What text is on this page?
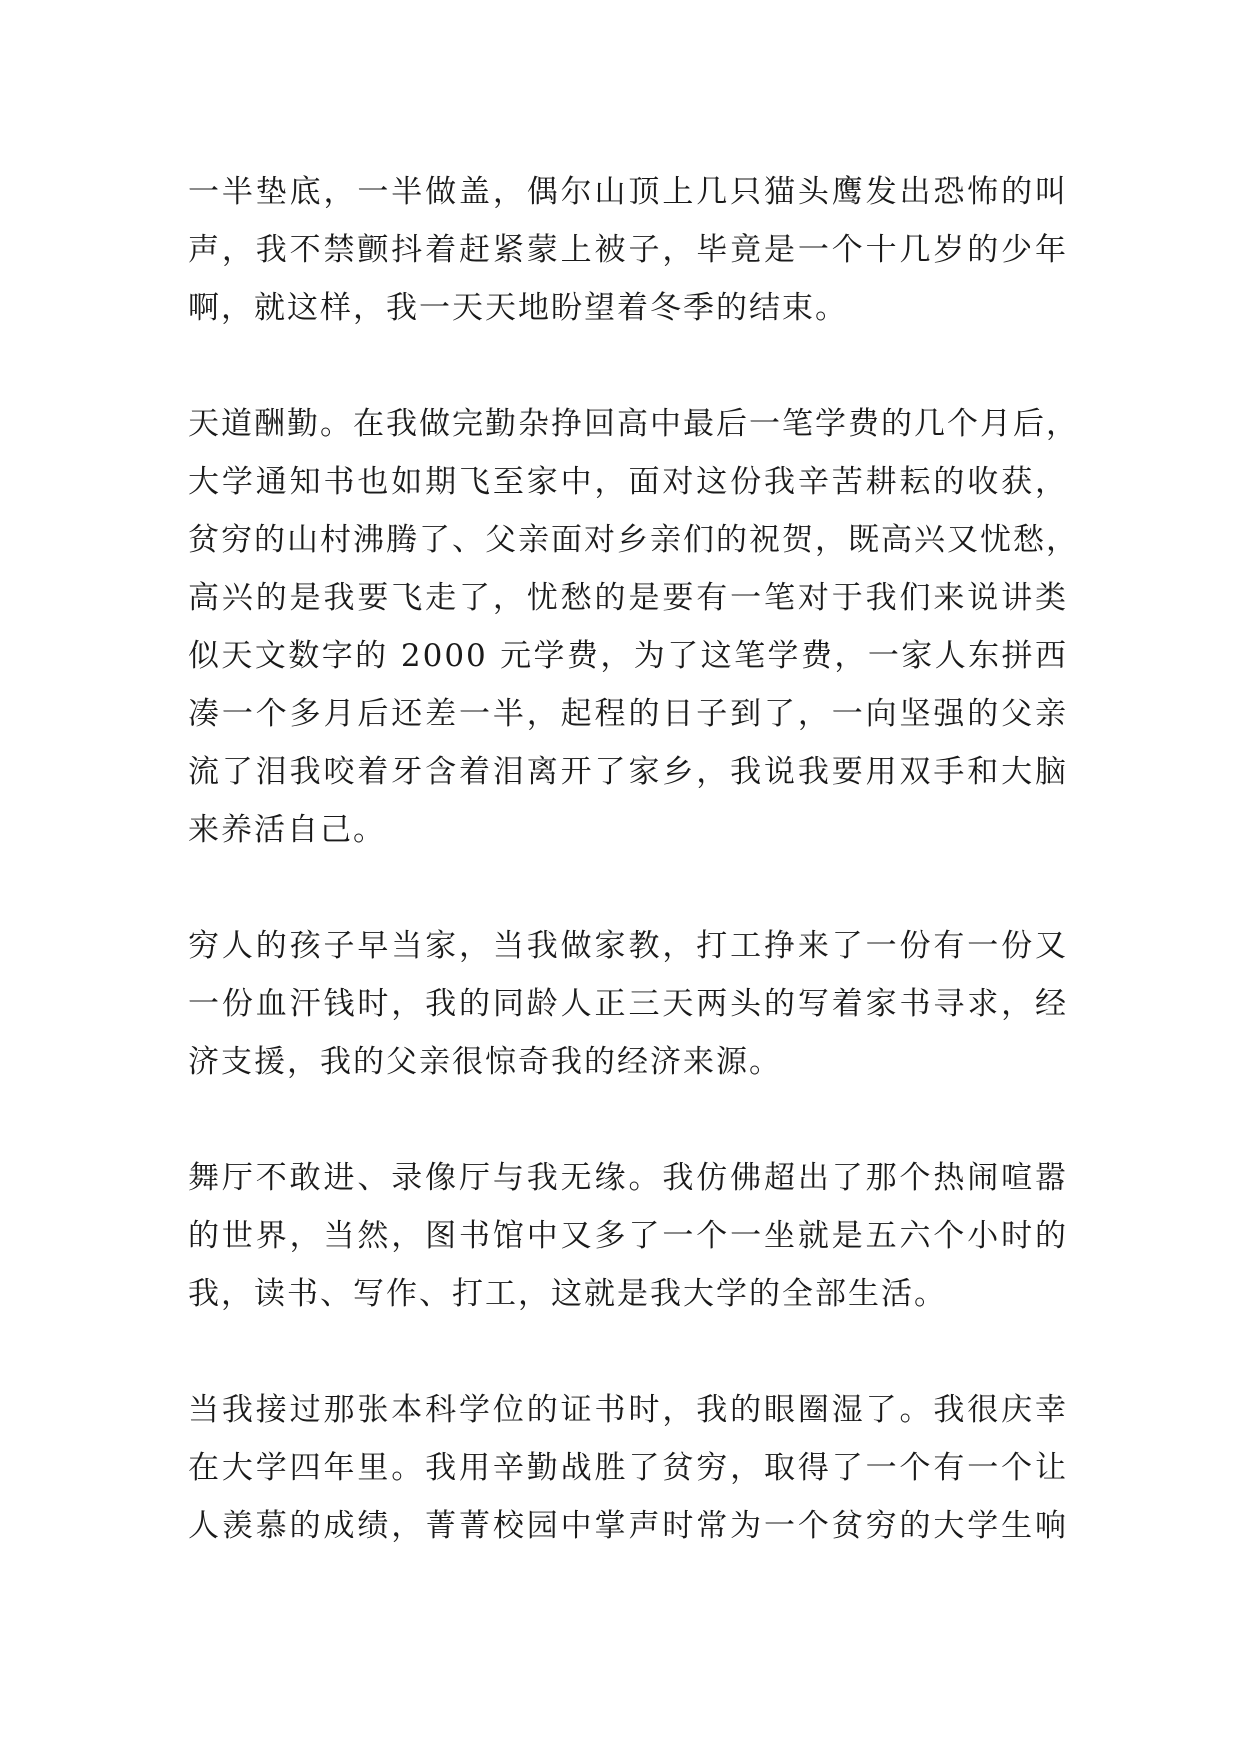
一半垫底，一半做盖，偶尔山顶上几只猫头鹰发出恐怖的叫
声，我不禁颤抖着赶紧蒙上被子，毕竟是一个十几岁的少年
啊，就这样，我一天天地盼望着冬季的结束。
天道酬勤。在我做完勤杂挣回高中最后一笔学费的几个月后，
大学通知书也如期飞至家中，面对这份我辛苦耕耘的收获，
贫穷的山村沸腾了、父亲面对乡亲们的祝贺，既高兴又忧愁，
高兴的是我要飞走了，忧愁的是要有一笔对于我们来说讲类
似天文数字的 2000 元学费，为了这笔学费，一家人东拼西
凑一个多月后还差一半，起程的日子到了，一向坚强的父亲
流了泪我咬着牙含着泪离开了家乡，我说我要用双手和大脑
来养活自己。
穷人的孩子早当家，当我做家教，打工挣来了一份有一份又
一份血汗钱时，我的同龄人正三天两头的写着家书寻求，经
济支援，我的父亲很惊奇我的经济来源。
舞厅不敢进、录像厅与我无缘。我仿佛超出了那个热闹喧嚣
的世界，当然，图书馆中又多了一个一坐就是五六个小时的
我，读书、写作、打工，这就是我大学的全部生活。
当我接过那张本科学位的证书时，我的眼圈湿了。我很庆幸
在大学四年里。我用辛勤战胜了贫穷，取得了一个有一个让
人羡慕的成绩，菁菁校园中掌声时常为一个贫穷的大学生响
